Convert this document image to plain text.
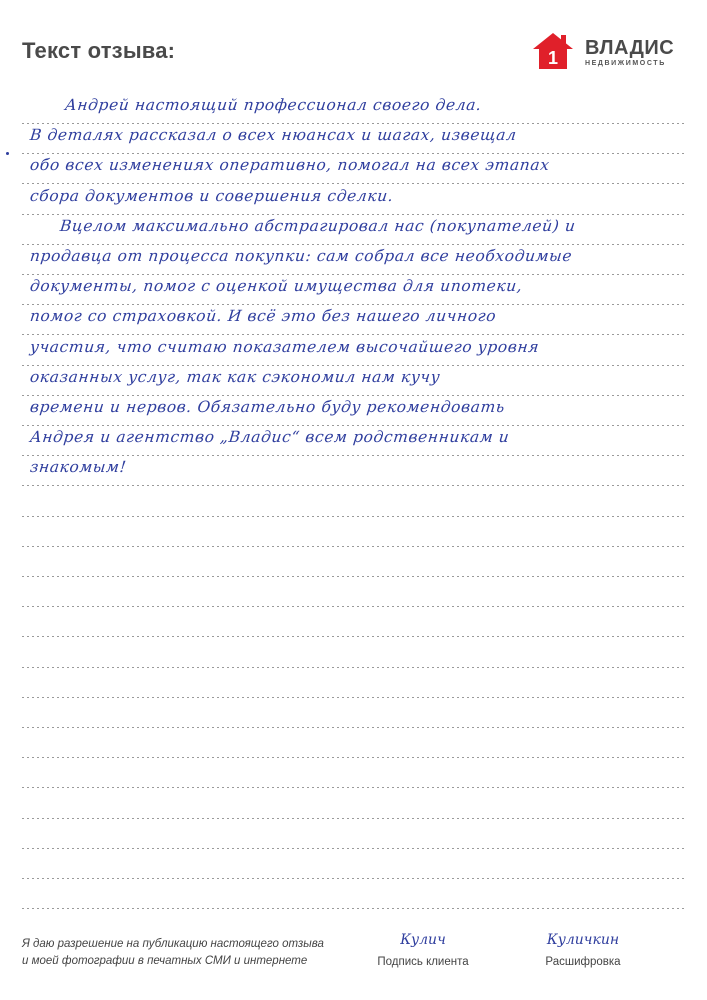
Текст отзыва:	1 ВЛАДИС
НЕДВИЖИМОСТЬ
Андрей настоящий профессионал своего дела.
В деталях рассказал о всех нюансах и шагах, извещал
обо всех изменениях оперативно, помогал на всех этапах
сбора документов и совершения сделки.
Вцелом максимально абстрагировал нас (покупателей) и
продавца от процесса покупки: сам собрал все необходимые
документы, помог с оценкой имущества для ипотеки,
помог со страховкой. И всё это без нашего личного
участия, что считаю показателем высочайшего уровня
оказанных услуг, так как сэкономил нам кучу
времени и нервов. Обязательно буду рекомендовать
Андрея и агентство „Владис“ всем родственникам и
знакомым!
Я даю разрешение на публикацию настоящего отзыва
и моей фотографии в печатных СМИ и интернете
Кулич
Подпись клиента
Куличкин
Расшифровка
